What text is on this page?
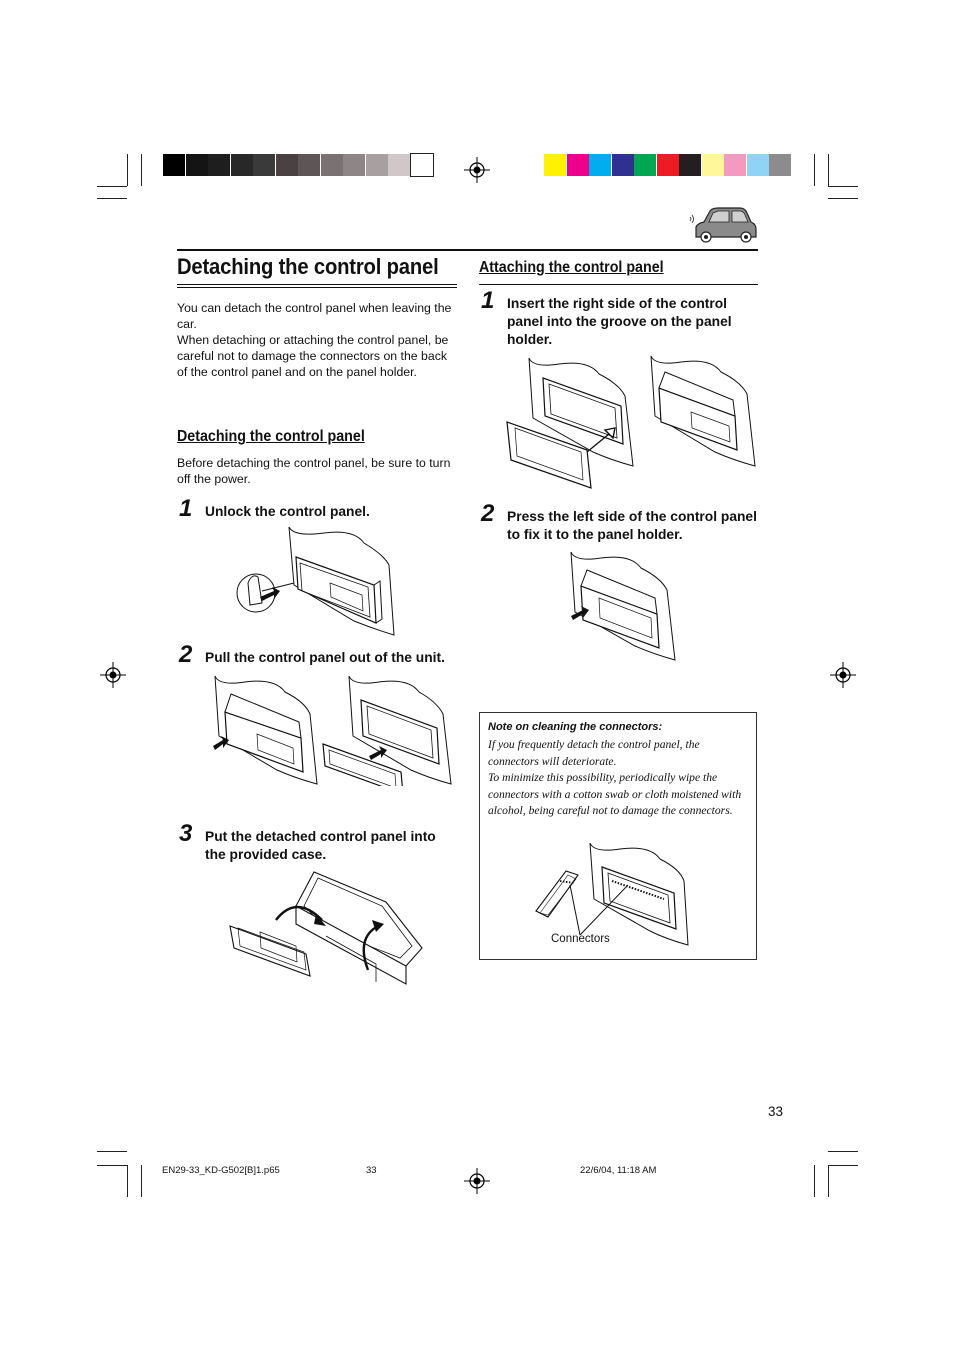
Detaching the control panel
You can detach the control panel when leaving the car.
When detaching or attaching the control panel, be careful not to damage the connectors on the back of the control panel and on the panel holder.
Detaching the control panel
Before detaching the control panel, be sure to turn off the power.
1 Unlock the control panel.
2 Pull the control panel out of the unit.
3 Put the detached control panel into the provided case.
Attaching the control panel
1 Insert the right side of the control panel into the groove on the panel holder.
2 Press the left side of the control panel to fix it to the panel holder.
Note on cleaning the connectors:
If you frequently detach the control panel, the connectors will deteriorate.
To minimize this possibility, periodically wipe the connectors with a cotton swab or cloth moistened with alcohol, being careful not to damage the connectors.
Connectors
33
EN29-33_KD-G502[B]1.p65	33	22/6/04, 11:18 AM
